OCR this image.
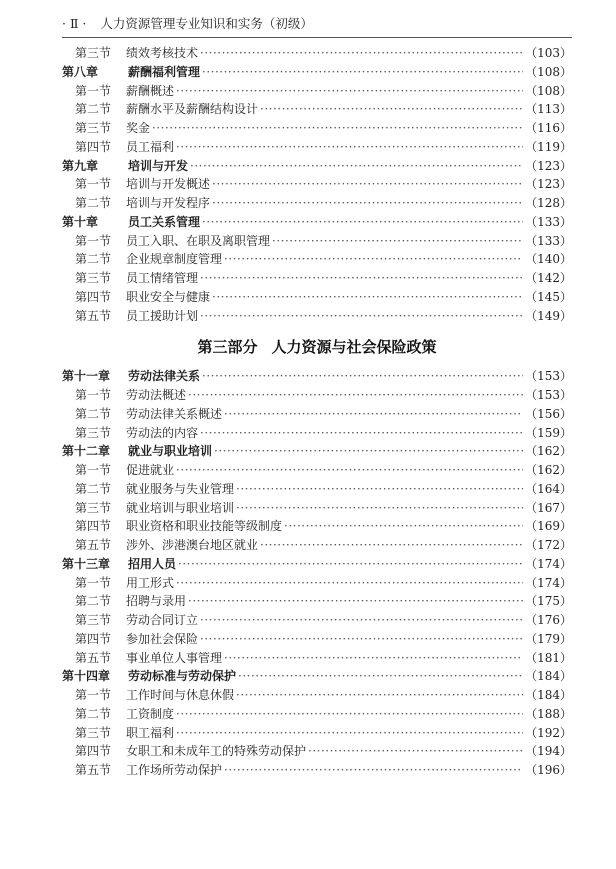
· Ⅱ · 人力资源管理专业知识和实务（初级）
第三节	绩效考核技术 ·····	（103）
第八章	薪酬福利管理 ·····	（108）
第一节	薪酬概述 ·····	（108）
第二节	薪酬水平及薪酬结构设计 ·····	（113）
第三节	奖金 ·····	（116）
第四节	员工福利 ·····	（119）
第九章	培训与开发 ·····	（123）
第一节	培训与开发概述 ·····	（123）
第二节	培训与开发程序 ·····	（128）
第十章	员工关系管理 ·····	（133）
第一节	员工入职、在职及离职管理 ·····	（133）
第二节	企业规章制度管理 ·····	（140）
第三节	员工情绪管理 ·····	（142）
第四节	职业安全与健康 ·····	（145）
第五节	员工援助计划 ·····	（149）
第三部分 人力资源与社会保险政策
第十一章	劳动法律关系 ·····	（153）
第一节	劳动法概述 ·····	（153）
第二节	劳动法律关系概述 ·····	（156）
第三节	劳动法的内容 ·····	（159）
第十二章	就业与职业培训 ·····	（162）
第一节	促进就业 ·····	（162）
第二节	就业服务与失业管理 ·····	（164）
第三节	就业培训与职业培训 ·····	（167）
第四节	职业资格和职业技能等级制度 ·····	（169）
第五节	涉外、涉港澳台地区就业 ·····	（172）
第十三章	招用人员 ·····	（174）
第一节	用工形式 ·····	（174）
第二节	招聘与录用 ·····	（175）
第三节	劳动合同订立 ·····	（176）
第四节	参加社会保险 ·····	（179）
第五节	事业单位人事管理 ·····	（181）
第十四章	劳动标准与劳动保护 ·····	（184）
第一节	工作时间与休息休假 ·····	（184）
第二节	工资制度 ·····	（188）
第三节	职工福利 ·····	（192）
第四节	女职工和未成年工的特殊劳动保护 ·····	（194）
第五节	工作场所劳动保护 ·····	（196）
